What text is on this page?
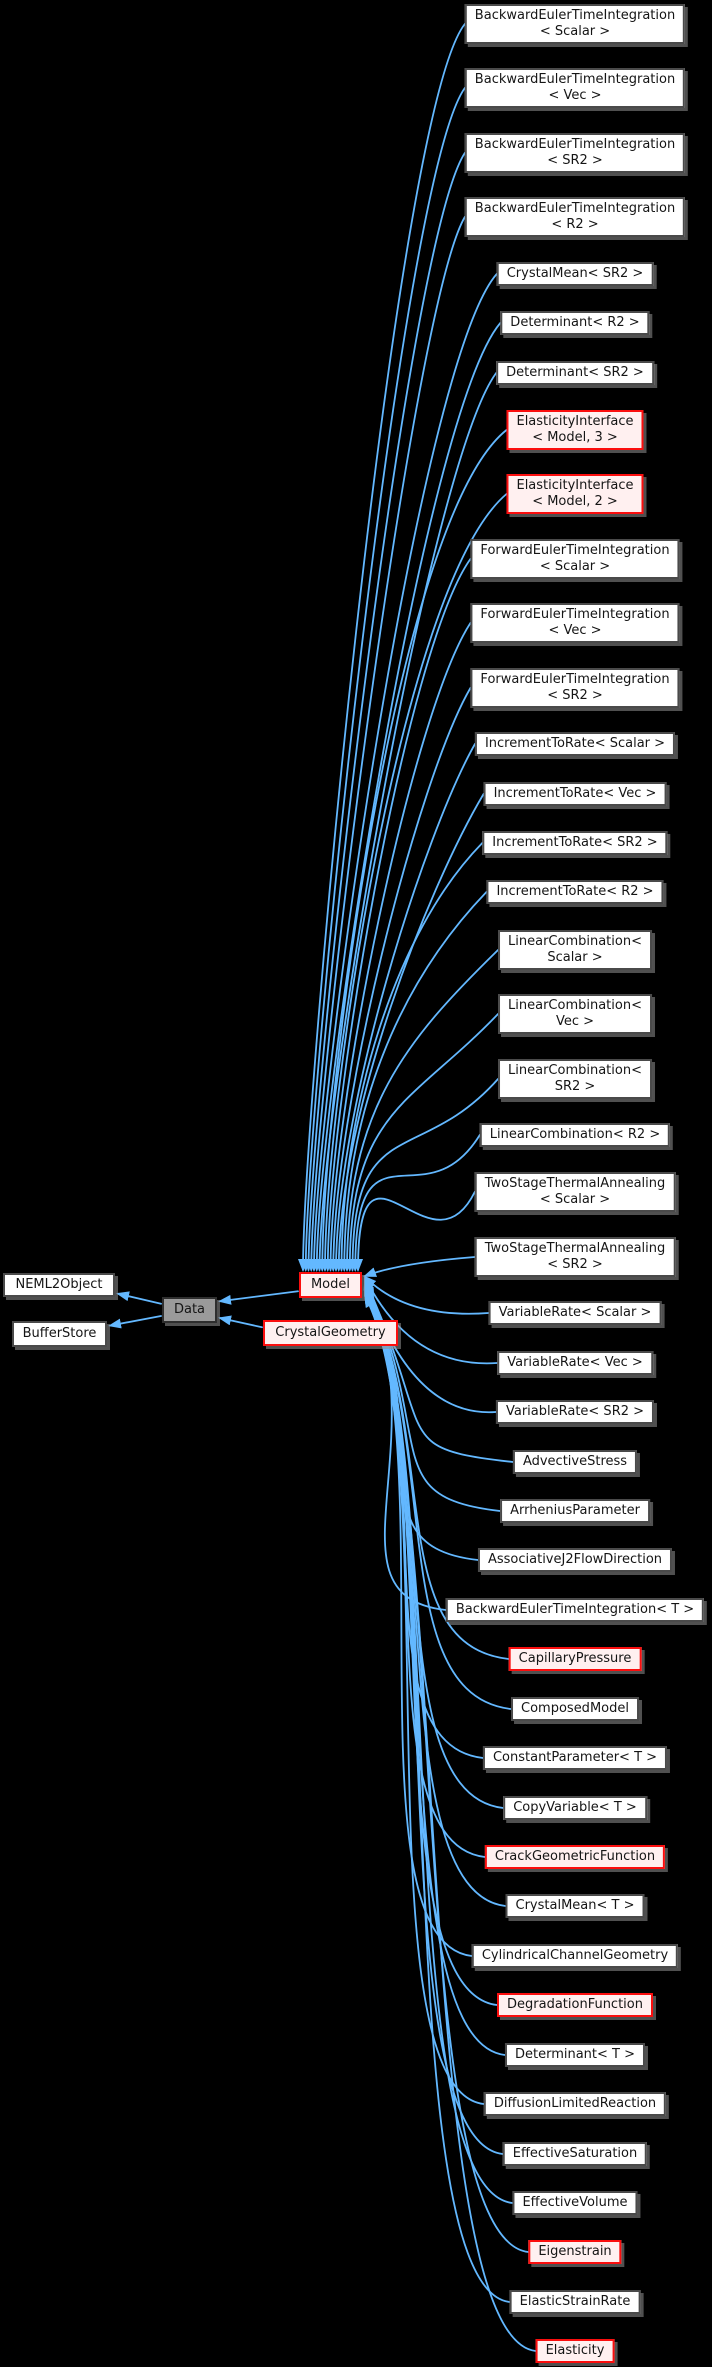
NEML2Object
BufferStore
Data
Model
CrystalGeometry
BackwardEulerTimeIntegration
< Scalar >
BackwardEulerTimeIntegration
< Vec >
BackwardEulerTimeIntegration
< SR2 >
BackwardEulerTimeIntegration
< R2 >
CrystalMean< SR2 >
Determinant< R2 >
Determinant< SR2 >
ElasticityInterface
< Model, 3 >
ElasticityInterface
< Model, 2 >
ForwardEulerTimeIntegration
< Scalar >
ForwardEulerTimeIntegration
< Vec >
ForwardEulerTimeIntegration
< SR2 >
IncrementToRate< Scalar >
IncrementToRate< Vec >
IncrementToRate< SR2 >
IncrementToRate< R2 >
LinearCombination<
Scalar >
LinearCombination<
Vec >
LinearCombination<
SR2 >
LinearCombination< R2 >
TwoStageThermalAnnealing
< Scalar >
TwoStageThermalAnnealing
< SR2 >
VariableRate< Scalar >
VariableRate< Vec >
VariableRate< SR2 >
AdvectiveStress
ArrheniusParameter
AssociativeJ2FlowDirection
BackwardEulerTimeIntegration< T >
CapillaryPressure
ComposedModel
ConstantParameter< T >
CopyVariable< T >
CrackGeometricFunction
CrystalMean< T >
CylindricalChannelGeometry
DegradationFunction
Determinant< T >
DiffusionLimitedReaction
EffectiveSaturation
EffectiveVolume
Eigenstrain
ElasticStrainRate
Elasticity
